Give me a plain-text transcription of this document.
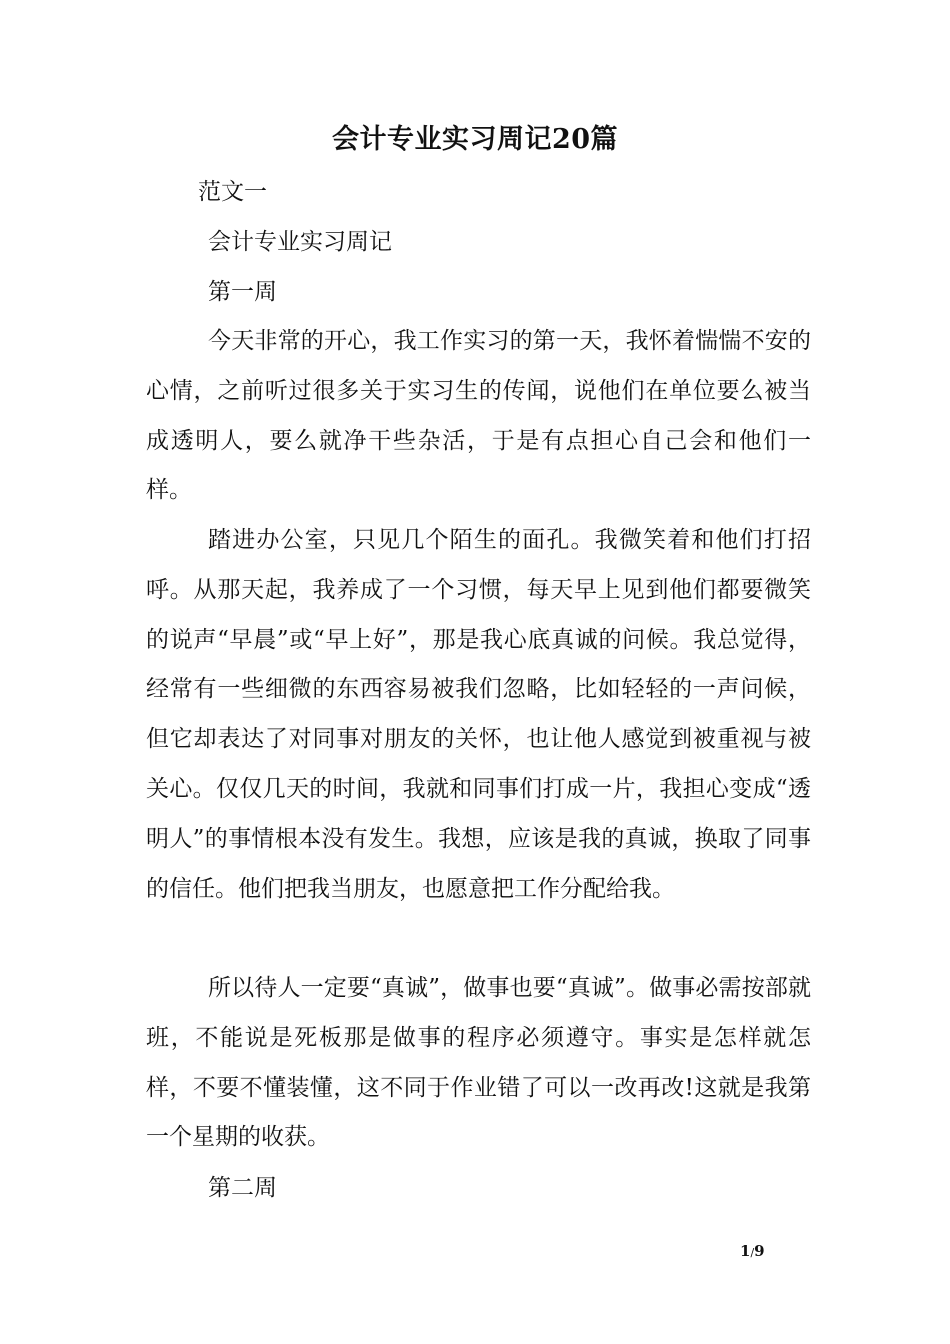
会计专业实习周记20篇
范文一
会计专业实习周记
第一周

今天非常的开心，我工作实习的第一天，我怀着惴惴不安的心情，之前听过很多关于实习生的传闻，说他们在单位要么被当成透明人，要么就净干些杂活，于是有点担心自己会和他们一样。

踏进办公室，只见几个陌生的面孔。我微笑着和他们打招呼。从那天起，我养成了一个习惯，每天早上见到他们都要微笑的说声“早晨”或“早上好”，那是我心底真诚的问候。我总觉得，经常有一些细微的东西容易被我们忽略，比如轻轻的一声问候，但它却表达了对同事对朋友的关怀，也让他人感觉到被重视与被关心。仅仅几天的时间，我就和同事们打成一片，我担心变成“透明人”的事情根本没有发生。我想，应该是我的真诚，换取了同事的信任。他们把我当朋友，也愿意把工作分配给我。

所以待人一定要“真诚”，做事也要“真诚”。做事必需按部就班，不能说是死板那是做事的程序必须遵守。事实是怎样就怎样，不要不懂装懂，这不同于作业错了可以一改再改!这就是我第一个星期的收获。

第二周
1/9
